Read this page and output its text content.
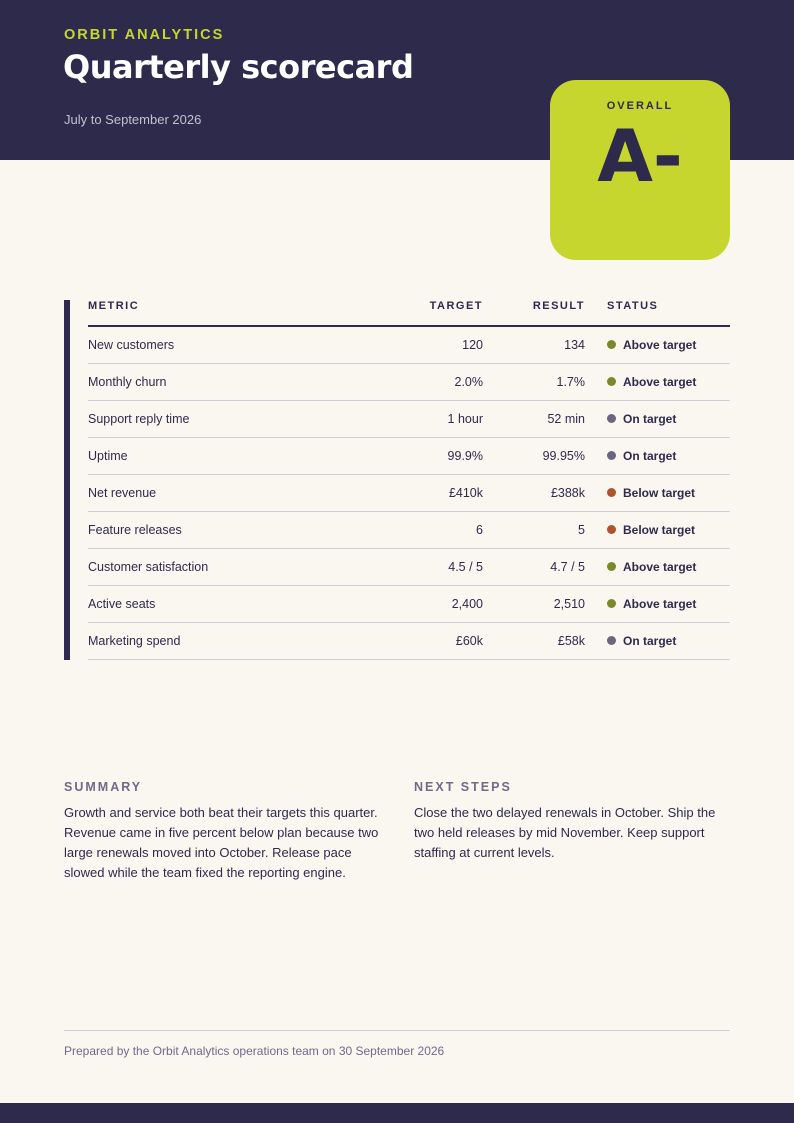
ORBIT ANALYTICS
Quarterly scorecard
July to September 2026
OVERALL
A-
METRIC	TARGET	RESULT	STATUS
New customers	120	134	Above target

Monthly churn	2.0%	1.7%	Above target

Support reply time	1 hour	52 min	On target

Uptime	99.9%	99.95%	On target

Net revenue	£410k	£388k	Below target

Feature releases	6	5	Below target

Customer satisfaction	4.5 / 5	4.7 / 5	Above target

Active seats	2,400	2,510	Above target

Marketing spend	£60k	£58k	On target
SUMMARY

Growth and service both beat their targets this quarter. Revenue came in five percent below plan because two large renewals moved into October. Release pace slowed while the team fixed the reporting engine.

NEXT STEPS

Close the two delayed renewals in October. Ship the two held releases by mid November. Keep support staffing at current levels.

Prepared by the Orbit Analytics operations team on 30 September 2026
